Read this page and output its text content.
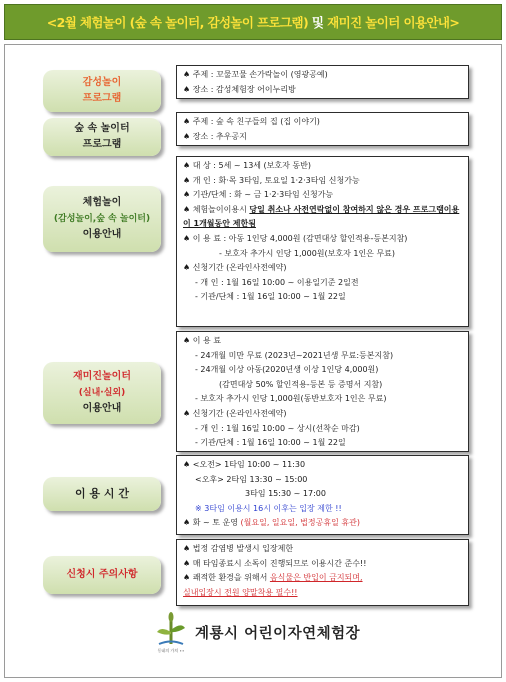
<2월 체험놀이 (숲 속 놀이터, 감성놀이 프로그램) 및 재미진 놀이터 이용안내>
감성놀이
프로그램
♠ 주제 : 꼬물꼬물 손가락놀이 (영광공예)
♠ 장소 : 감성체험장 어이누리방
숲 속 놀이터
프로그램
♠ 주제 : 숲 속 친구들의 집 (집 이야기)
♠ 장소 : 추우공지
체험놀이
(감성놀이,숲 속 놀이터)
이용안내
♠ 대 상 : 5세 ~ 13세 (보호자 동반)
♠ 개 인 : 화·목 3타임, 토요일 1·2·3타임 신청가능
♠ 기관/단체 : 화 ~ 금 1·2·3타임 신청가능
♠ 체험놀이이용시 당일 취소나 사전연락없이 참여하지 않은 경우 프로그램이용이 1개월동안 제한됨
♠ 이 용 료 : 아동 1인당 4,000원 (감면대상 할인적용-등본지참)
- 보호자 추가시 인당 1,000원(보호자 1인은 무료)
♠ 신청기간 (온라인사전예약)
- 개 인 : 1월 16일 10:00 ~ 이용일기준 2일전
- 기관/단체 : 1월 16일 10:00 ~ 1월 22일
재미진놀이터
(실내·실외)
이용안내
♠ 이 용 료
- 24개월 미만 무료 (2023년~2021년생 무료:등본지참)
- 24개월 이상 아동(2020년생 이상 1인당 4,000원)
(감면대상 50% 할인적용-등본 등 증명서 지참)
- 보호자 추가시 인당 1,000원(동반보호자 1인은 무료)
♠ 신청기간 (온라인사전예약)
- 개 인 : 1월 16일 10:00 ~ 상시(선착순 마감)
- 기관/단체 : 1월 16일 10:00 ~ 1월 22일
이 용 시 간
♠ <오전> 1타임 10:00 ~ 11:30
<오후> 2타임 13:30 ~ 15:00
3타임 15:30 ~ 17:00
※ 3타임 이용시 16시 이후는 입장 제한 !!
♠ 화 ~ 토 운영 (월요일, 일요일, 법정공휴일 휴관)
신청시 주의사항
♠ 법정 감염병 발생시 입장제한
♠ 매 타임종료시 소독이 진행되므로 이용시간 준수!!
♠ 쾌적한 환경을 위해서 음식물은 반입이 금지되며,
실내입장시 전원 양말착용 필수!!
동네의 가치 ∙∙
계룡시 어린이자연체험장
